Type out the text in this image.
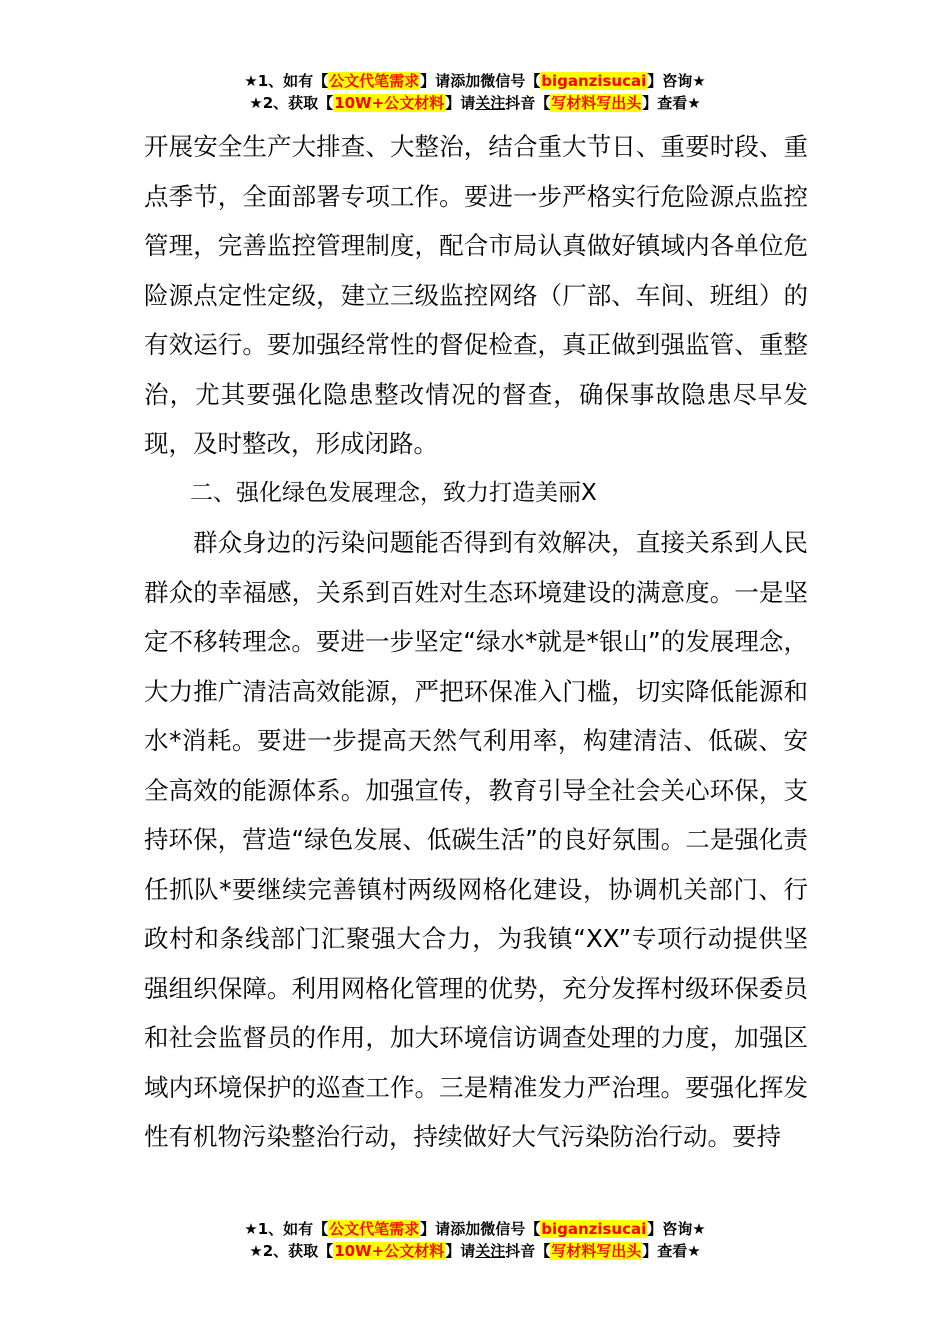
★1、如有【公文代笔需求】请添加微信号【biganzisucai】咨询★
★2、获取【10W+公文材料】请关注抖音【写材料写出头】查看★

开展安全生产大排查、大整治，结合重大节日、重要时段、重点季节，全面部署专项工作。要进一步严格实行危险源点监控管理，完善监控管理制度，配合市局认真做好镇域内各单位危险源点定性定级，建立三级监控网络（厂部、车间、班组）的有效运行。要加强经常性的督促检查，真正做到强监管、重整治，尤其要强化隐患整改情况的督查，确保事故隐患尽早发现，及时整改，形成闭路。

二、强化绿色发展理念，致力打造美丽X

群众身边的污染问题能否得到有效解决，直接关系到人民群众的幸福感，关系到百姓对生态环境建设的满意度。一是坚定不移转理念。要进一步坚定“绿水*就是*银山”的发展理念，大力推广清洁高效能源，严把环保准入门槛，切实降低能源和水*消耗。要进一步提高天然气利用率，构建清洁、低碳、安全高效的能源体系。加强宣传，教育引导全社会关心环保，支持环保，营造“绿色发展、低碳生活”的良好氛围。二是强化责任抓队*要继续完善镇村两级网格化建设，协调机关部门、行政村和条线部门汇聚强大合力，为我镇“XX”专项行动提供坚强组织保障。利用网格化管理的优势，充分发挥村级环保委员和社会监督员的作用，加大环境信访调查处理的力度，加强区域内环境保护的巡查工作。三是精准发力严治理。要强化挥发性有机物污染整治行动，持续做好大气污染防治行动。要持

★1、如有【公文代笔需求】请添加微信号【biganzisucai】咨询★
★2、获取【10W+公文材料】请关注抖音【写材料写出头】查看★
